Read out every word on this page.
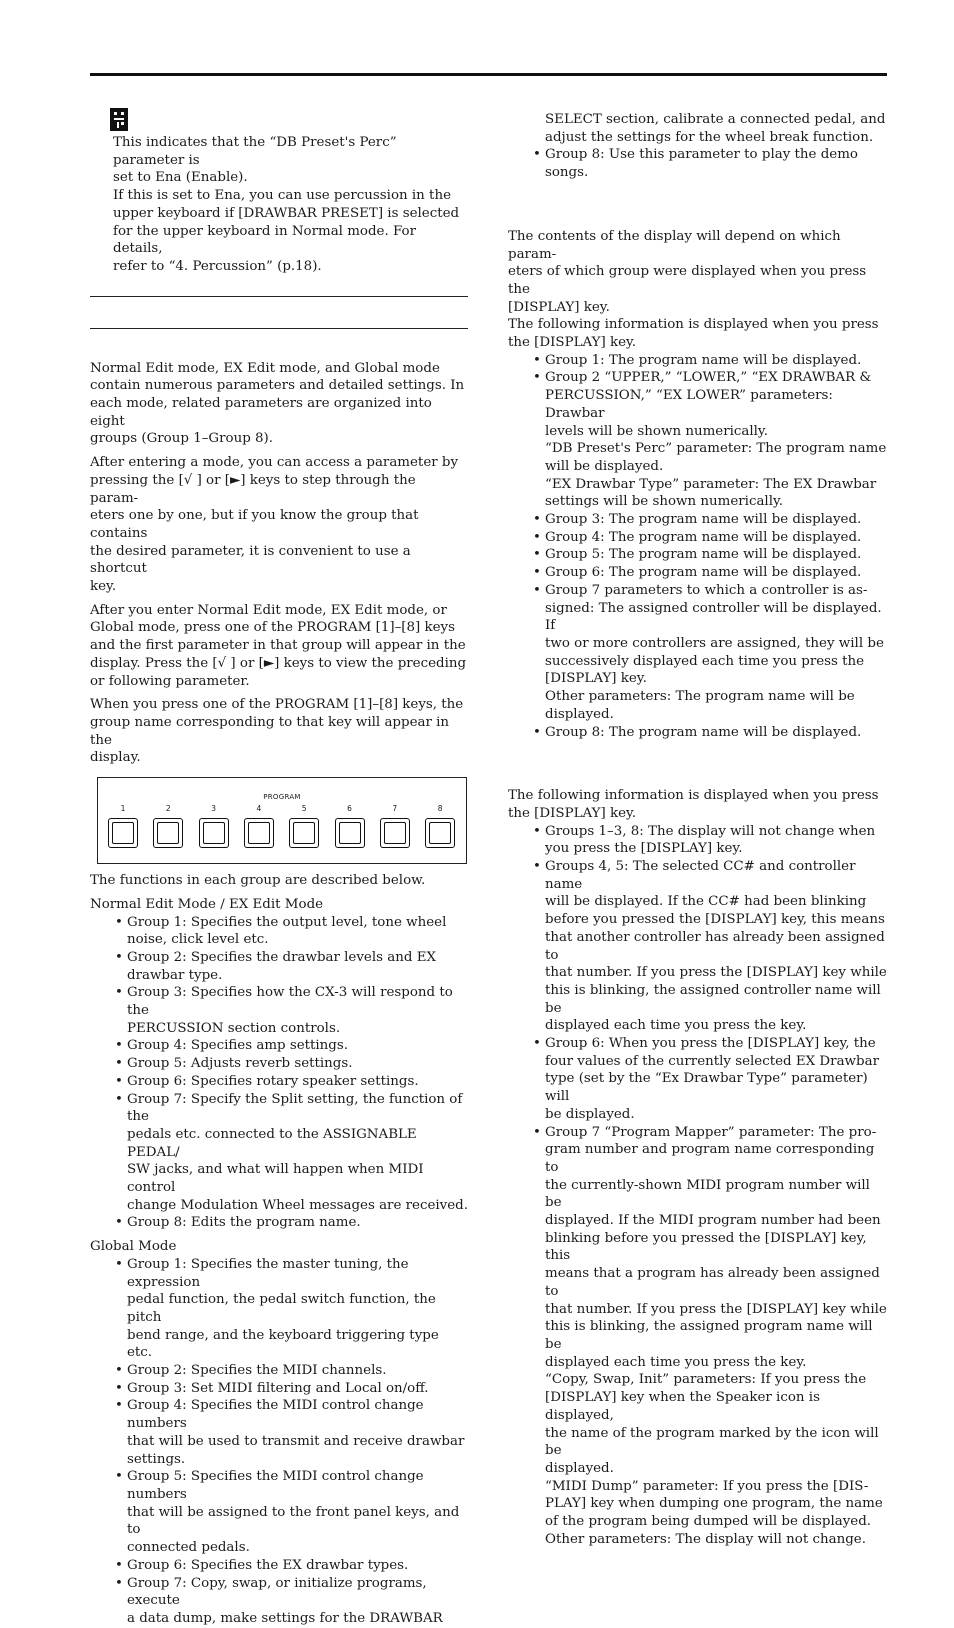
This indicates that the “DB Preset's Perc” parameter is
set to Ena (Enable).
If this is set to Ena, you can use percussion in the
upper keyboard if [DRAWBAR PRESET] is selected
for the upper keyboard in Normal mode. For details,
refer to “4. Percussion” (p.18).

Normal Edit mode, EX Edit mode, and Global mode
contain numerous parameters and detailed settings. In
each mode, related parameters are organized into eight
groups (Group 1–Group 8).

After entering a mode, you can access a parameter by
pressing the [√ ] or [►] keys to step through the param-
eters one by one, but if you know the group that contains
the desired parameter, it is convenient to use a shortcut
key.

After you enter Normal Edit mode, EX Edit mode, or
Global mode, press one of the PROGRAM [1]–[8] keys
and the first parameter in that group will appear in the
display. Press the [√ ] or [►] keys to view the preceding
or following parameter.

When you press one of the PROGRAM [1]–[8] keys, the
group name corresponding to that key will appear in the
display.

PROGRAM
1	2	3	4	5	6	7	8

The functions in each group are described below.

Normal Edit Mode / EX Edit Mode

• Group 1: Specifies the output level, tone wheel
noise, click level etc.
• Group 2: Specifies the drawbar levels and EX
drawbar type.
• Group 3: Specifies how the CX-3 will respond to the
PERCUSSION section controls.
• Group 4: Specifies amp settings.
• Group 5: Adjusts reverb settings.
• Group 6: Specifies rotary speaker settings.
• Group 7: Specify the Split setting, the function of the
pedals etc. connected to the ASSIGNABLE PEDAL/
SW jacks, and what will happen when MIDI control
change Modulation Wheel messages are received.
• Group 8: Edits the program name.

Global Mode

• Group 1: Specifies the master tuning, the expression
pedal function, the pedal switch function, the pitch
bend range, and the keyboard triggering type etc.
• Group 2: Specifies the MIDI channels.
• Group 3: Set MIDI filtering and Local on/off.
• Group 4: Specifies the MIDI control change numbers
that will be used to transmit and receive drawbar
settings.
• Group 5: Specifies the MIDI control change numbers
that will be assigned to the front panel keys, and to
connected pedals.
• Group 6: Specifies the EX drawbar types.
• Group 7: Copy, swap, or initialize programs, execute
a data dump, make settings for the DRAWBAR
SELECT section, calibrate a connected pedal, and
adjust the settings for the wheel break function.
• Group 8: Use this parameter to play the demo
songs.

The contents of the display will depend on which param-
eters of which group were displayed when you press the
[DISPLAY] key.

The following information is displayed when you press
the [DISPLAY] key.

• Group 1: The program name will be displayed.
• Group 2 “UPPER,” “LOWER,” “EX DRAWBAR &
PERCUSSION,” “EX LOWER” parameters: Drawbar
levels will be shown numerically.
“DB Preset's Perc” parameter: The program name
will be displayed.
“EX Drawbar Type” parameter: The EX Drawbar
settings will be shown numerically.
• Group 3: The program name will be displayed.
• Group 4: The program name will be displayed.
• Group 5: The program name will be displayed.
• Group 6: The program name will be displayed.
• Group 7 parameters to which a controller is as-
signed: The assigned controller will be displayed. If
two or more controllers are assigned, they will be
successively displayed each time you press the
[DISPLAY] key.
Other parameters: The program name will be
displayed.
• Group 8: The program name will be displayed.

The following information is displayed when you press
the [DISPLAY] key.

• Groups 1–3, 8: The display will not change when
you press the [DISPLAY] key.
• Groups 4, 5: The selected CC# and controller name
will be displayed. If the CC# had been blinking
before you pressed the [DISPLAY] key, this means
that another controller has already been assigned to
that number. If you press the [DISPLAY] key while
this is blinking, the assigned controller name will be
displayed each time you press the key.
• Group 6: When you press the [DISPLAY] key, the
four values of the currently selected EX Drawbar
type (set by the “Ex Drawbar Type” parameter) will
be displayed.
• Group 7 “Program Mapper” parameter: The pro-
gram number and program name corresponding to
the currently-shown MIDI program number will be
displayed. If the MIDI program number had been
blinking before you pressed the [DISPLAY] key, this
means that a program has already been assigned to
that number. If you press the [DISPLAY] key while
this is blinking, the assigned program name will be
displayed each time you press the key.
“Copy, Swap, Init” parameters: If you press the
[DISPLAY] key when the Speaker icon is displayed,
the name of the program marked by the icon will be
displayed.
“MIDI Dump” parameter: If you press the [DIS-
PLAY] key when dumping one program, the name
of the program being dumped will be displayed.
Other parameters: The display will not change.
